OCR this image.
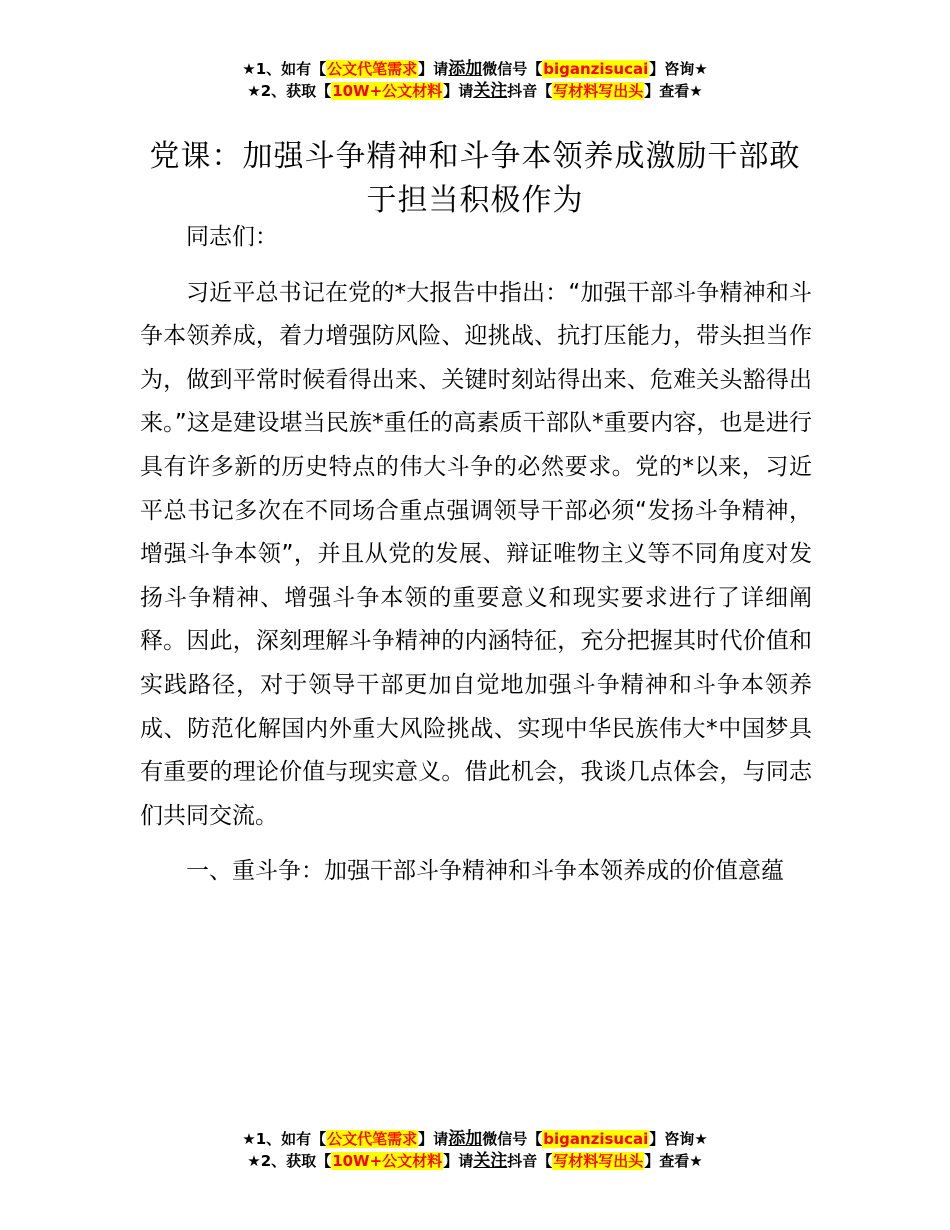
★1、如有【公文代笔需求】请添加微信号【biganzisucai】咨询★
★2、获取【10W+公文材料】请关注抖音【写材料写出头】查看★
党课：加强斗争精神和斗争本领养成激励干部敢于担当积极作为

同志们：

习近平总书记在党的*大报告中指出：“加强干部斗争精神和斗争本领养成，着力增强防风险、迎挑战、抗打压能力，带头担当作为，做到平常时候看得出来、关键时刻站得出来、危难关头豁得出来。”这是建设堪当民族*重任的高素质干部队*重要内容，也是进行具有许多新的历史特点的伟大斗争的必然要求。党的*以来，习近平总书记多次在不同场合重点强调领导干部必须“发扬斗争精神，增强斗争本领”，并且从党的发展、辩证唯物主义等不同角度对发扬斗争精神、增强斗争本领的重要意义和现实要求进行了详细阐释。因此，深刻理解斗争精神的内涵特征，充分把握其时代价值和实践路径，对于领导干部更加自觉地加强斗争精神和斗争本领养成、防范化解国内外重大风险挑战、实现中华民族伟大*中国梦具有重要的理论价值与现实意义。借此机会，我谈几点体会，与同志们共同交流。

一、重斗争：加强干部斗争精神和斗争本领养成的价值意蕴

★1、如有【公文代笔需求】请添加微信号【biganzisucai】咨询★
★2、获取【10W+公文材料】请关注抖音【写材料写出头】查看★
